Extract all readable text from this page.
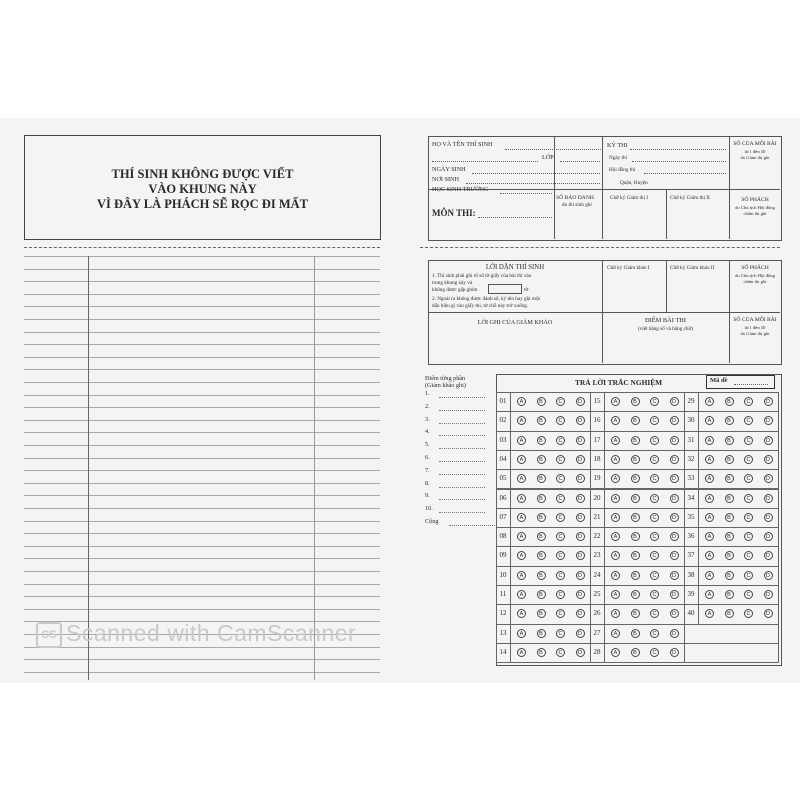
THÍ SINH KHÔNG ĐƯỢC VIẾT
VÀO KHUNG NÀY
VÌ ĐÂY LÀ PHÁCH SẼ RỌC ĐI MẤT
HỌ VÀ TÊN THÍ SINH
LỚP
NGÀY SINH
NƠI SINH
HỌC SINH TRƯỜNG
MÔN THI:
SỐ BÁO DANH
do thí sinh ghi
KỲ THI
Ngày thi
Hội đồng thi
Quận, Huyện
Chữ ký Giám thị I	Chữ ký Giám thị II
SỐ CỦA MỖI BÀI
từ 1 đến 30
do Giám thị ghi
SỐ PHÁCH
do Chủ tịch Hội đồng
chấm thi ghi
LỜI DẶN THÍ SINH
1. Thí sinh phải ghi rõ số tờ giấy của bài thi vào
trong khung này và
không được gấp ghim	tờ
2. Ngoài ra không được đánh số, ký tên hay ghi một
dấu hiệu gì vào giấy thi, từ chỗ này trở xuống.
LỜI GHI CỦA GIÁM KHẢO
Chữ ký Giám khảo I	Chữ ký Giám khảo II	SỐ PHÁCH
do Chủ tịch Hội đồng
chấm thi ghi
ĐIỂM BÀI THI
(viết bằng số và bằng chữ)
SỐ CỦA MỖI BÀI
từ 1 đến 30
do Giám thị ghi
Điểm từng phần
(Giám khảo ghi)
1.
2.
3.
4.
5.
6.
7.
8.
9.
10.
Cộng
TRẢ LỜI TRẮC NGHIỆM	Mã đề
01	A	B	C	D
02	A	B	C	D
03	A	B	C	D
04	A	B	C	D
05	A	B	C	D
06	A	B	C	D
07	A	B	C	D
08	A	B	C	D
09	A	B	C	D
10	A	B	C	D
11	A	B	C	D
12	A	B	C	D
13	A	B	C	D
14	A	B	C	D
15	A	B	C	D
16	A	B	C	D
17	A	B	C	D
18	A	B	C	D
19	A	B	C	D
20	A	B	C	D
21	A	B	C	D
22	A	B	C	D
23	A	B	C	D
24	A	B	C	D
25	A	B	C	D
26	A	B	C	D
27	A	B	C	D
28	A	B	C	D
29	A	B	C	D
30	A	B	C	D
31	A	B	C	D
32	A	B	C	D
33	A	B	C	D
34	A	B	C	D
35	A	B	C	D
36	A	B	C	D
37	A	B	C	D
38	A	B	C	D
39	A	B	C	D
40	A	B	C	D
CS Scanned with CamScanner
